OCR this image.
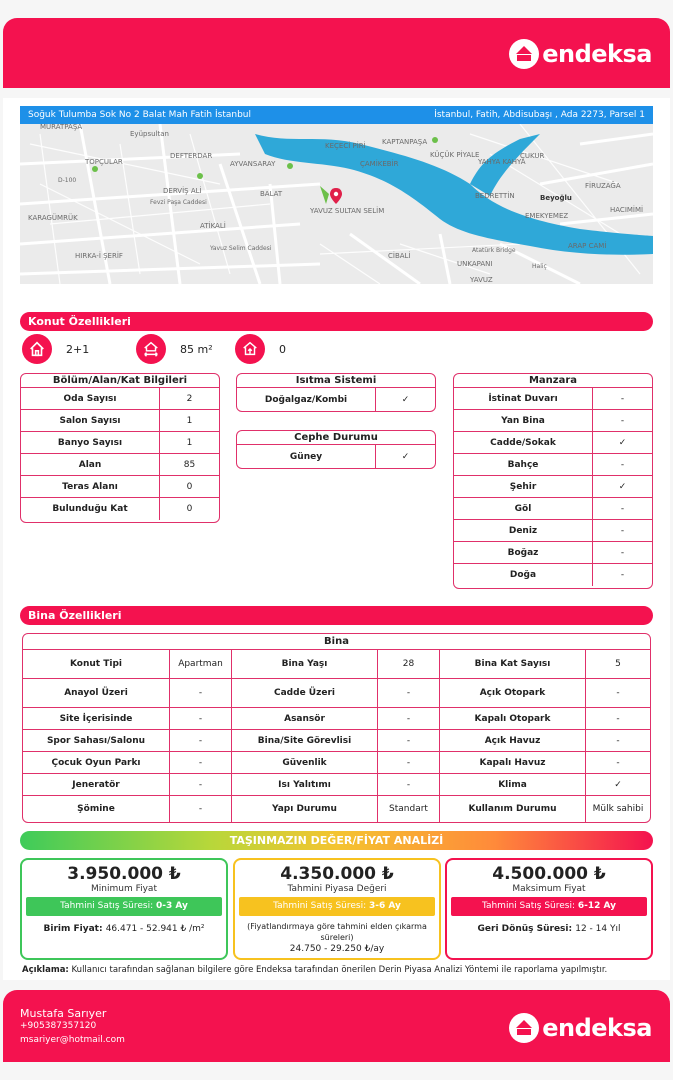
endeksa
Soğuk Tulumba Sok No 2 Balat Mah Fatih İstanbul	İstanbul, Fatih, Abdisubaşı , Ada 2273, Parsel 1
Eyüpsultan
MURATPAŞA
TOPÇULAR
DEFTERDAR
AYVANSARAY
KEÇECİ PİRİ KAPTANPAŞA
ÇAMİKEBİR
KÜÇÜK PİYALE
YAHYA KAHYA
ÇUKUR
BEDRETTİN	Beyoğlu
EMEKYEMEZ
HACIMİMİ
FİRUZAĞA
DERVİŞ ALİ	BALAT
YAVUZ SULTAN SELİM
KARAGÜMRÜK
ATİKALİ
HIRKA-İ ŞERİF	CİBALİ
UNKAPANI
YAVUZ
ARAP CAMİ
Haliç
Atatürk Bridge
D-100
Fevzi Paşa Caddesi
Yavuz Selim Caddesi
Konut Özellikleri
2+1	85 m²	0
Bölüm/Alan/Kat Bilgileri
Oda Sayısı	2
Salon Sayısı	1
Banyo Sayısı	1
Alan	85
Teras Alanı	0
Bulunduğu Kat	0
Isıtma Sistemi
Doğalgaz/Kombi	✓
Cephe Durumu
Güney	✓
Manzara
İstinat Duvarı	-
Yan Bina	-
Cadde/Sokak	✓
Bahçe	-
Şehir	✓
Göl	-
Deniz	-
Boğaz	-
Doğa	-
Bina Özellikleri
Bina
Konut Tipi	Apartman	Bina Yaşı	28	Bina Kat Sayısı	5
Anayol Üzeri	-	Cadde Üzeri	-	Açık Otopark	-
Site İçerisinde	-	Asansör	-	Kapalı Otopark	-
Spor Sahası/Salonu	-	Bina/Site Görevlisi	-	Açık Havuz	-
Çocuk Oyun Parkı	-	Güvenlik	-	Kapalı Havuz	-
Jeneratör	-	Isı Yalıtımı	-	Klima	✓
Şömine	-	Yapı Durumu	Standart	Kullanım Durumu	Mülk sahibi
TAŞINMAZIN DEĞER/FİYAT ANALİZİ
3.950.000 ₺
Minimum Fiyat
Tahmini Satış Süresi: 0-3 Ay
Birim Fiyat: 46.471 - 52.941 ₺ /m²
4.350.000 ₺
Tahmini Piyasa Değeri
Tahmini Satış Süresi: 3-6 Ay
(Fiyatlandırmaya göre tahmini elden çıkarma süreleri)
24.750 - 29.250 ₺/ay
4.500.000 ₺
Maksimum Fiyat
Tahmini Satış Süresi: 6-12 Ay
Geri Dönüş Süresi: 12 - 14 Yıl
Açıklama: Kullanıcı tarafından sağlanan bilgilere göre Endeksa tarafından önerilen Derin Piyasa Analizi Yöntemi ile raporlama yapılmıştır.
Mustafa Sarıyer
+905387357120
msariyer@hotmail.com	endeksa
